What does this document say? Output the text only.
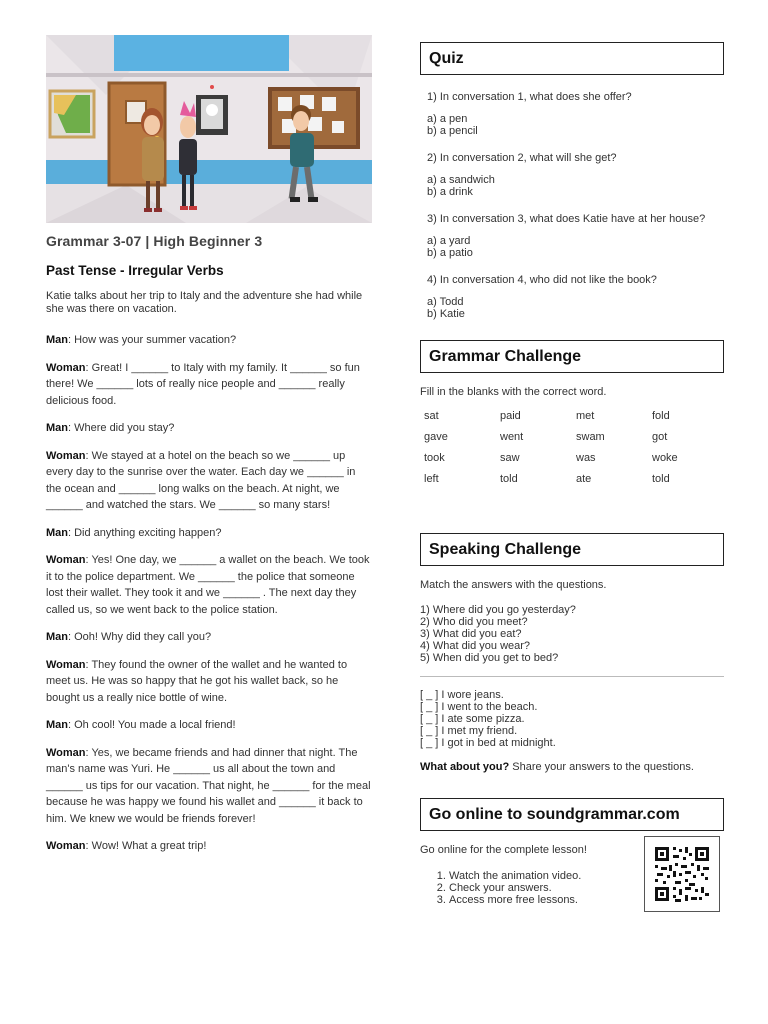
Grammar 3-07 | High Beginner 3
Past Tense - Irregular Verbs
Katie talks about her trip to Italy and the adventure she had while she was there on vacation.

Man: How was your summer vacation?

Woman: Great! I ______ to Italy with my family. It ______ so fun there! We ______ lots of really nice people and ______ really delicious food.

Man: Where did you stay?

Woman: We stayed at a hotel on the beach so we ______ up every day to the sunrise over the water. Each day we ______ in the ocean and ______ long walks on the beach. At night, we ______ and watched the stars. We ______ so many stars!

Man: Did anything exciting happen?

Woman: Yes! One day, we ______ a wallet on the beach. We took it to the police department. We ______ the police that someone lost their wallet. They took it and we ______ . The next day they called us, so we went back to the police station.

Man: Ooh! Why did they call you?

Woman: They found the owner of the wallet and he wanted to meet us. He was so happy that he got his wallet back, so he bought us a really nice bottle of wine.

Man: Oh cool! You made a local friend!

Woman: Yes, we became friends and had dinner that night. The man's name was Yuri. He ______ us all about the town and ______ us tips for our vacation. That night, he ______ for the meal because he was happy we found his wallet and ______ it back to him. We knew we would be friends forever!

Woman: Wow! What a great trip!

Quiz
1) In conversation 1, what does she offer?
a) a pen
b) a pencil
2) In conversation 2, what will she get?
a) a sandwich
b) a drink
3) In conversation 3, what does Katie have at her house?
a) a yard
b) a patio
4) In conversation 4, who did not like the book?
a) Todd
b) Katie
Grammar Challenge
Fill in the blanks with the correct word.
sat	paid	met	fold
gave	went	swam	got
took	saw	was	woke
left	told	ate	told
Speaking Challenge
Match the answers with the questions.
1) Where did you go yesterday?
2) Who did you meet?
3) What did you eat?
4) What did you wear?
5) When did you get to bed?
[ _ ] I wore jeans.
[ _ ] I went to the beach.
[ _ ] I ate some pizza.
[ _ ] I met my friend.
[ _ ] I got in bed at midnight.
What about you? Share your answers to the questions.
Go online to soundgrammar.com
Go online for the complete lesson!
1. Watch the animation video.
2. Check your answers.
3. Access more free lessons.
